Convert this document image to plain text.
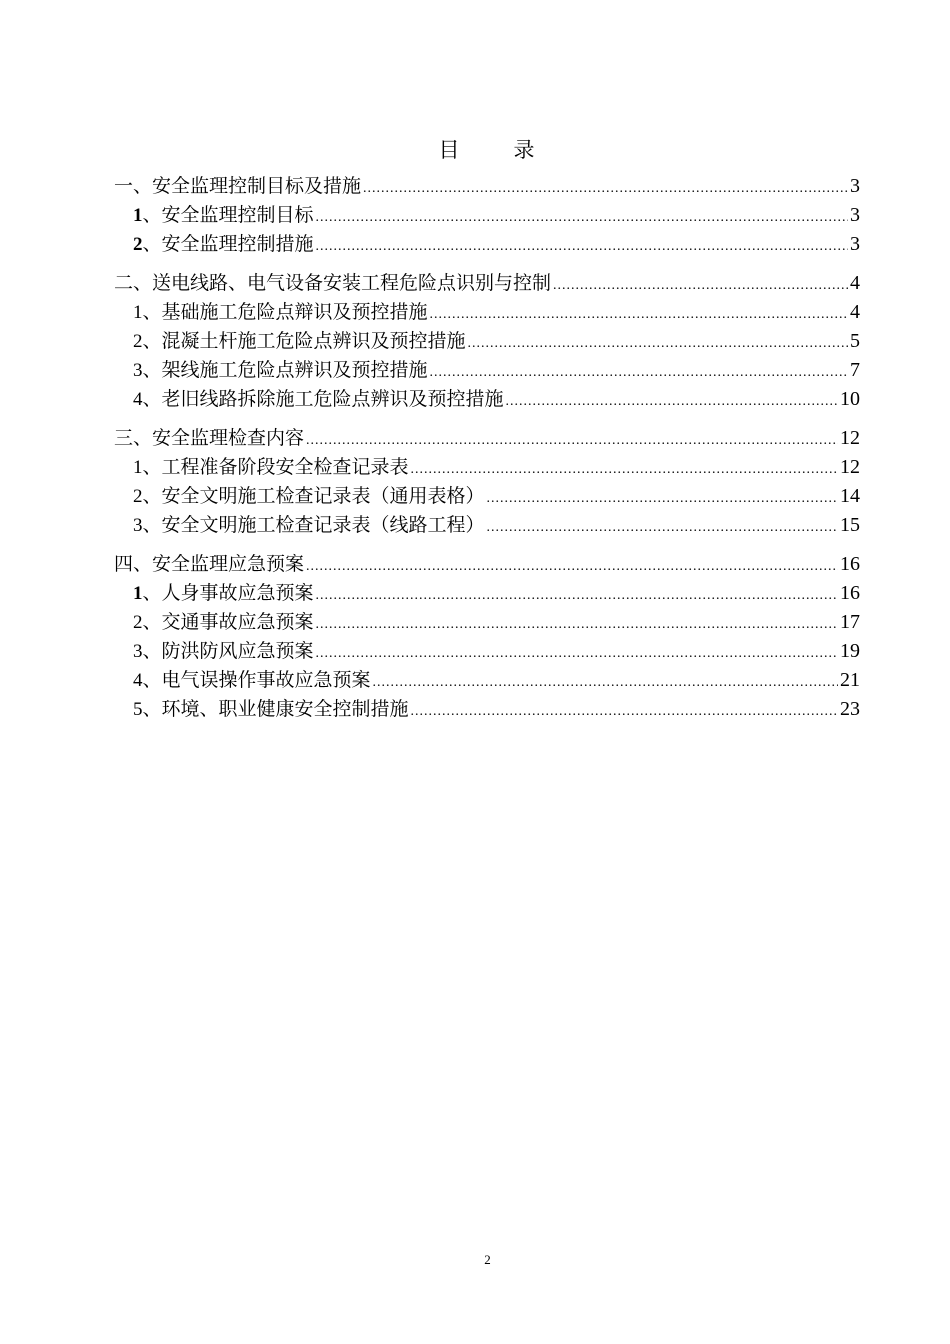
目 录
一、安全监理控制目标及措施 .....	3
1、安全监理控制目标 .....	3
2、安全监理控制措施 .....	3
二、送电线路、电气设备安装工程危险点识别与控制 .....	4
1、基础施工危险点辩识及预控措施 .....	4
2、混凝土杆施工危险点辨识及预控措施 .....	5
3、架线施工危险点辨识及预控措施 .....	7
4、老旧线路拆除施工危险点辨识及预控措施 .....	10
三、安全监理检查内容 .....	12
1、工程准备阶段安全检查记录表 .....	12
2、安全文明施工检查记录表（通用表格） .....	14
3、安全文明施工检查记录表（线路工程） .....	15
四、安全监理应急预案 .....	16
1、人身事故应急预案 .....	16
2、交通事故应急预案 .....	17
3、防洪防风应急预案 .....	19
4、电气误操作事故应急预案 .....	21
5、环境、职业健康安全控制措施 .....	23
2
